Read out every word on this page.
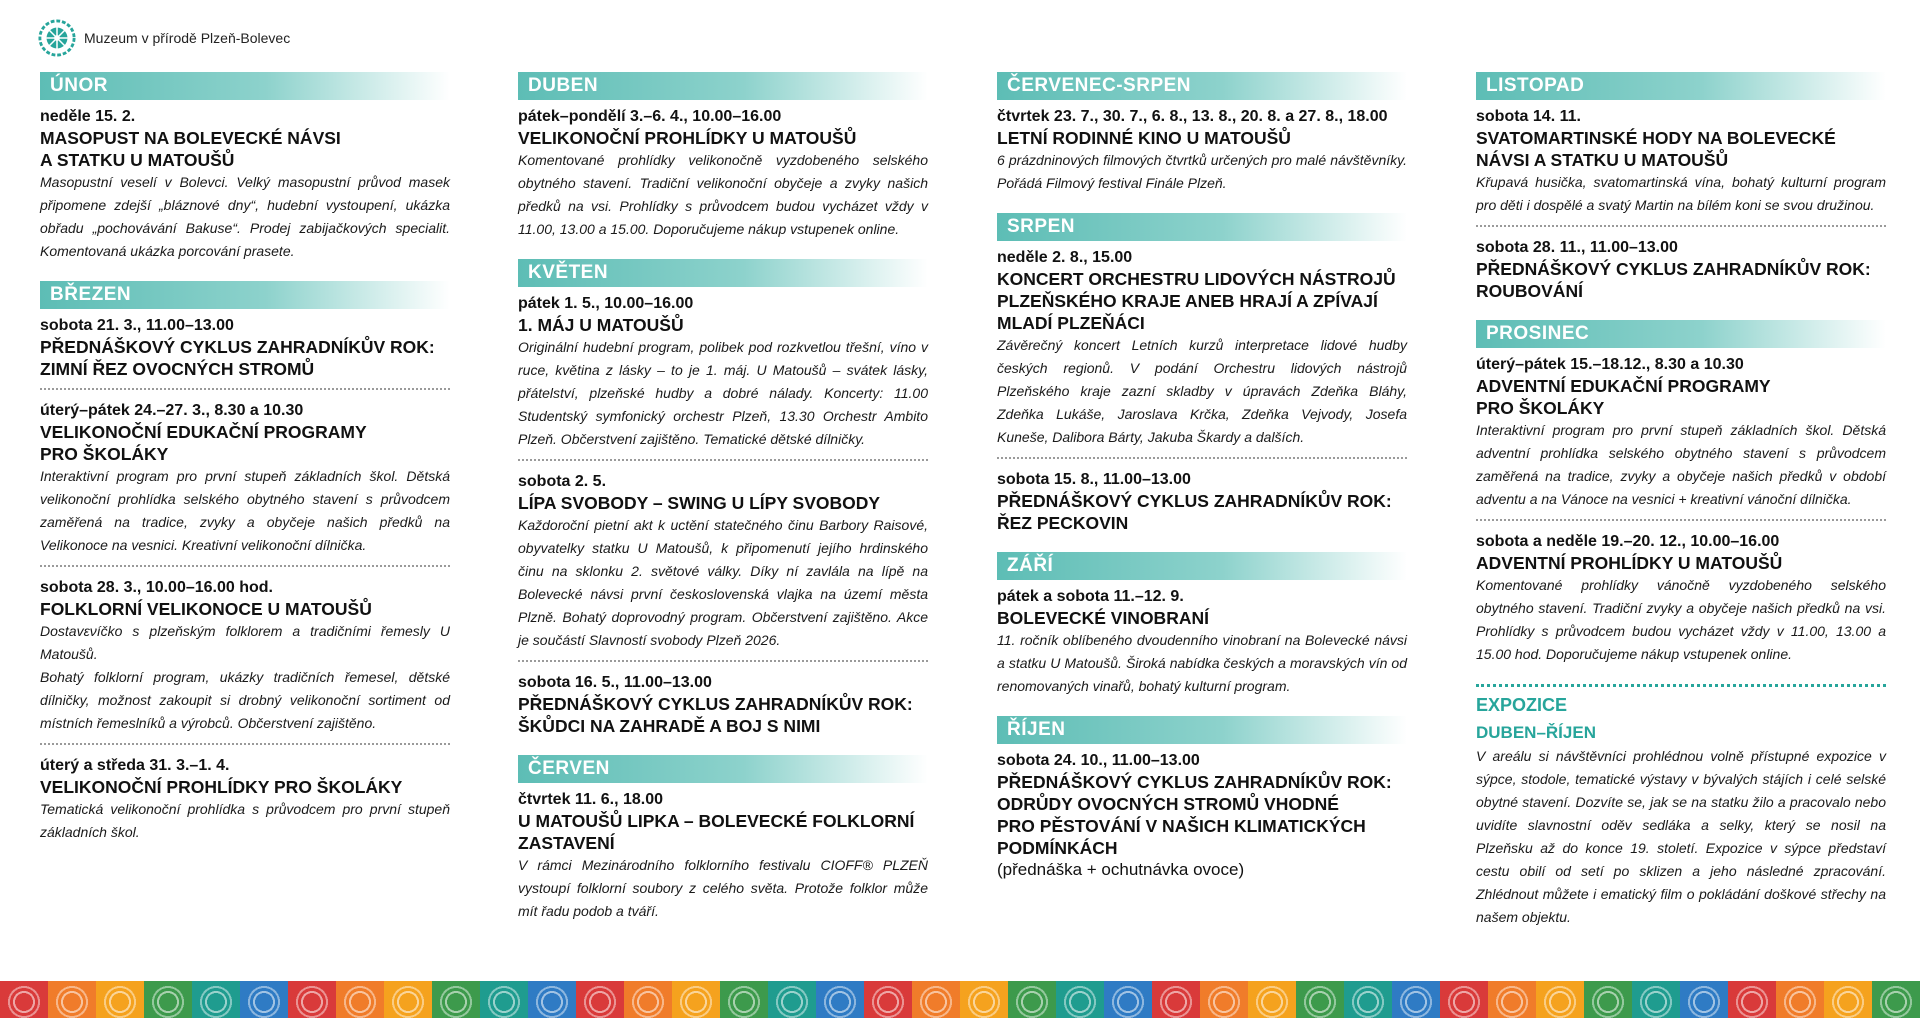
Muzeum v přírodě Plzeň-Bolevec
ÚNOR
neděle 15. 2.
MASOPUST NA BOLEVECKÉ NÁVSI
A STATKU U MATOUŠŮ
Masopustní veselí v Bolevci. Velký masopustní průvod masek připomene zdejší „bláznové dny“, hudební vystoupení, ukázka obřadu „pochovávání Bakuse“. Prodej zabijačkových specialit. Komentovaná ukázka porcování prasete.
BŘEZEN
sobota 21. 3., 11.00–13.00
PŘEDNÁŠKOVÝ CYKLUS ZAHRADNÍKŮV ROK:
ZIMNÍ ŘEZ OVOCNÝCH STROMŮ
úterý–pátek 24.–27. 3., 8.30 a 10.30
VELIKONOČNÍ EDUKAČNÍ PROGRAMY
PRO ŠKOLÁKY
Interaktivní program pro první stupeň základních škol. Dětská velikonoční prohlídka selského obytného stavení s průvodcem zaměřená na tradice, zvyky a obyčeje našich předků na Velikonoce na vesnici. Kreativní velikonoční dílnička.
sobota 28. 3., 10.00–16.00 hod.
FOLKLORNÍ VELIKONOCE U MATOUŠŮ
Dostavενíčko s plzeňským folklorem a tradičními řemesly U Matoušů.
Bohatý folklorní program, ukázky tradičních řemesel, dětské dílničky, možnost zakoupit si drobný velikonoční sortiment od místních řemeslníků a výrobců. Občerstvení zajištěno.
úterý a středa 31. 3.–1. 4.
VELIKONOČNÍ PROHLÍDKY PRO ŠKOLÁKY
Tematická velikonoční prohlídka s průvodcem pro první stupeň základních škol.
DUBEN
pátek–pondělí 3.–6. 4., 10.00–16.00
VELIKONOČNÍ PROHLÍDKY U MATOUŠŮ
Komentované prohlídky velikonočně vyzdobeného selského obytného stavení. Tradiční velikonoční obyčeje a zvyky našich předků na vsi. Prohlídky s průvodcem budou vycházet vždy v 11.00, 13.00 a 15.00. Doporučujeme nákup vstupenek online.
KVĚTEN
pátek 1. 5., 10.00–16.00
1. MÁJ U MATOUŠŮ
Originální hudební program, polibek pod rozkvetlou třešní, víno v ruce, květina z lásky – to je 1. máj. U Matoušů – svátek lásky, přátelství, plzeňské hudby a dobré nálady. Koncerty: 11.00 Studentský symfonický orchestr Plzeň, 13.30 Orchestr Ambito Plzeň. Občerstvení zajištěno. Tematické dětské dílničky.
sobota 2. 5.
LÍPA SVOBODY – SWING U LÍPY SVOBODY
Každoroční pietní akt k uctění statečného činu Barbory Raisové, obyvatelky statku U Matoušů, k připomenutí jejího hrdinského činu na sklonku 2. světové války. Díky ní zavlála na lípě na Bolevecké návsi první československá vlajka na území města Plzně. Bohatý doprovodný program. Občerstvení zajištěno. Akce je součástí Slavností svobody Plzeň 2026.
sobota 16. 5., 11.00–13.00
PŘEDNÁŠKOVÝ CYKLUS ZAHRADNÍKŮV ROK:
ŠKŮDCI NA ZAHRADĚ A BOJ S NIMI
ČERVEN
čtvrtek 11. 6., 18.00
U MATOUŠŮ LIPKA – BOLEVECKÉ FOLKLORNÍ
ZASTAVENÍ
V rámci Mezinárodního folklorního festivalu CIOFF® PLZEŇ vystoupí folklorní soubory z celého světa. Protože folklor může mít řadu podob a tváří.
ČERVENEC-SRPEN
čtvrtek 23. 7., 30. 7., 6. 8., 13. 8., 20. 8. a 27. 8., 18.00
LETNÍ RODINNÉ KINO U MATOUŠŮ
6 prázdninových filmových čtvrtků určených pro malé návštěvníky. Pořádá Filmový festival Finále Plzeň.
SRPEN
neděle 2. 8., 15.00
KONCERT ORCHESTRU LIDOVÝCH NÁSTROJŮ
PLZEŇSKÉHO KRAJE ANEB HRAJÍ A ZPÍVAJÍ
MLADÍ PLZEŇÁCI
Závěrečný koncert Letních kurzů interpretace lidové hudby českých regionů. V podání Orchestru lidových nástrojů Plzeňského kraje zazní skladby v úpravách Zdeňka Bláhy, Zdeňka Lukáše, Jaroslava Krčka, Zdeňka Vejvody, Josefa Kuneše, Dalibora Bárty, Jakuba Škardy a dalších.
sobota 15. 8., 11.00–13.00
PŘEDNÁŠKOVÝ CYKLUS ZAHRADNÍKŮV ROK:
ŘEZ PECKOVIN
ZÁŘÍ
pátek a sobota 11.–12. 9.
BOLEVECKÉ VINOBRANÍ
11. ročník oblíbeného dvoudenního vinobraní na Bolevecké návsi a statku U Matoušů. Široká nabídka českých a moravských vín od renomovaných vinařů, bohatý kulturní program.
ŘÍJEN
sobota 24. 10., 11.00–13.00
PŘEDNÁŠKOVÝ CYKLUS ZAHRADNÍKŮV ROK:
ODRŮDY OVOCNÝCH STROMŮ VHODNÉ
PRO PĚSTOVÁNÍ V NAŠICH KLIMATICKÝCH
PODMÍNKÁCH
(přednáška + ochutnávka ovoce)
LISTOPAD
sobota 14. 11.
SVATOMARTINSKÉ HODY NA BOLEVECKÉ
NÁVSI A STATKU U MATOUŠŮ
Křupavá husička, svatomartinská vína, bohatý kulturní program pro děti i dospělé a svatý Martin na bílém koni se svou družinou.
sobota 28. 11., 11.00–13.00
PŘEDNÁŠKOVÝ CYKLUS ZAHRADNÍKŮV ROK:
ROUBOVÁNÍ
PROSINEC
úterý–pátek 15.–18.12., 8.30 a 10.30
ADVENTNÍ EDUKAČNÍ PROGRAMY
PRO ŠKOLÁKY
Interaktivní program pro první stupeň základních škol. Dětská adventní prohlídka selského obytného stavení s průvodcem zaměřená na tradice, zvyky a obyčeje našich předků v období adventu a na Vánoce na vesnici + kreativní vánoční dílnička.
sobota a neděle 19.–20. 12., 10.00–16.00
ADVENTNÍ PROHLÍDKY U MATOUŠŮ
Komentované prohlídky vánočně vyzdobeného selského obytného stavení. Tradiční zvyky a obyčeje našich předků na vsi. Prohlídky s průvodcem budou vycházet vždy v 11.00, 13.00 a 15.00 hod. Doporučujeme nákup vstupenek online.
EXPOZICE
DUBEN–ŘÍJEN
V areálu si návštěvníci prohlédnou volně přístupné expozice v sýpce, stodole, tematické výstavy v bývalých stájích i celé selské obytné stavení. Dozvíte se, jak se na statku žilo a pracovalo nebo uvidíte slavnostní oděv sedláka a selky, který se nosil na Plzeňsku až do konce 19. století. Expozice v sýpce představí cestu obilí od setí po sklizen a jeho následné zpracování. Zhlédnout můžete i ematický film o pokládání doškové střechy na našem objektu.
